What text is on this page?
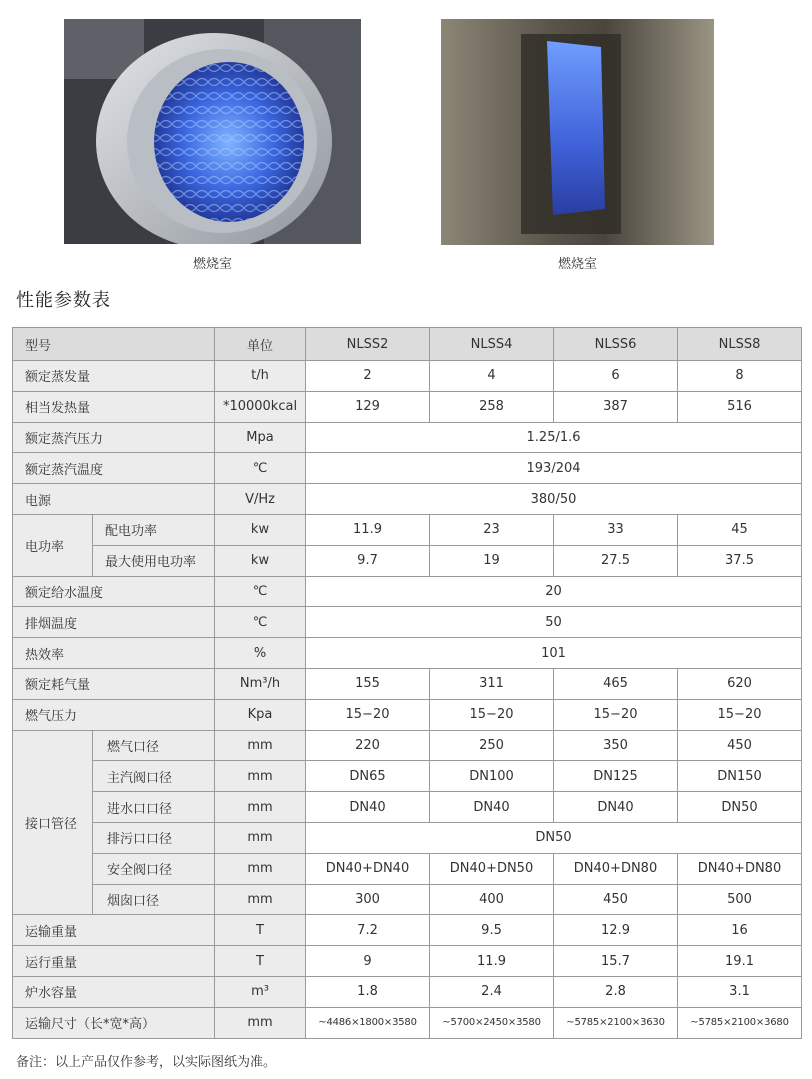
燃烧室	燃烧室
性能参数表
型号		单位	NLSS2	NLSS4	NLSS6	NLSS8
额定蒸发量		t/h	2	4	6	8
相当发热量		*10000kcal	129	258	387	516
额定蒸汽压力		Mpa	1.25/1.6			
额定蒸汽温度		℃	193/204			
电源		V/Hz	380/50			
电功率	配电功率	kw	11.9	23	33	45
	最大使用电功率	kw	9.7	19	27.5	37.5
额定给水温度		℃	20			
排烟温度		℃	50			
热效率		%	101			
额定耗气量		Nm³/h	155	311	465	620
燃气压力		Kpa	15−20	15−20	15−20	15−20
接口管径	燃气口径	mm	220	250	350	450
	主汽阀口径	mm	DN65	DN100	DN125	DN150
	进水口口径	mm	DN40	DN40	DN40	DN50
	排污口口径	mm	DN50			
	安全阀口径	mm	DN40+DN40	DN40+DN50	DN40+DN80	DN40+DN80
	烟囱口径	mm	300	400	450	500
运输重量		T	7.2	9.5	12.9	16
运行重量		T	9	11.9	15.7	19.1
炉水容量		m³	1.8	2.4	2.8	3.1
运输尺寸（长*宽*高）		mm	~4486×1800×3580	~5700×2450×3580	~5785×2100×3630	~5785×2100×3680
备注：以上产品仅作参考，以实际图纸为准。
